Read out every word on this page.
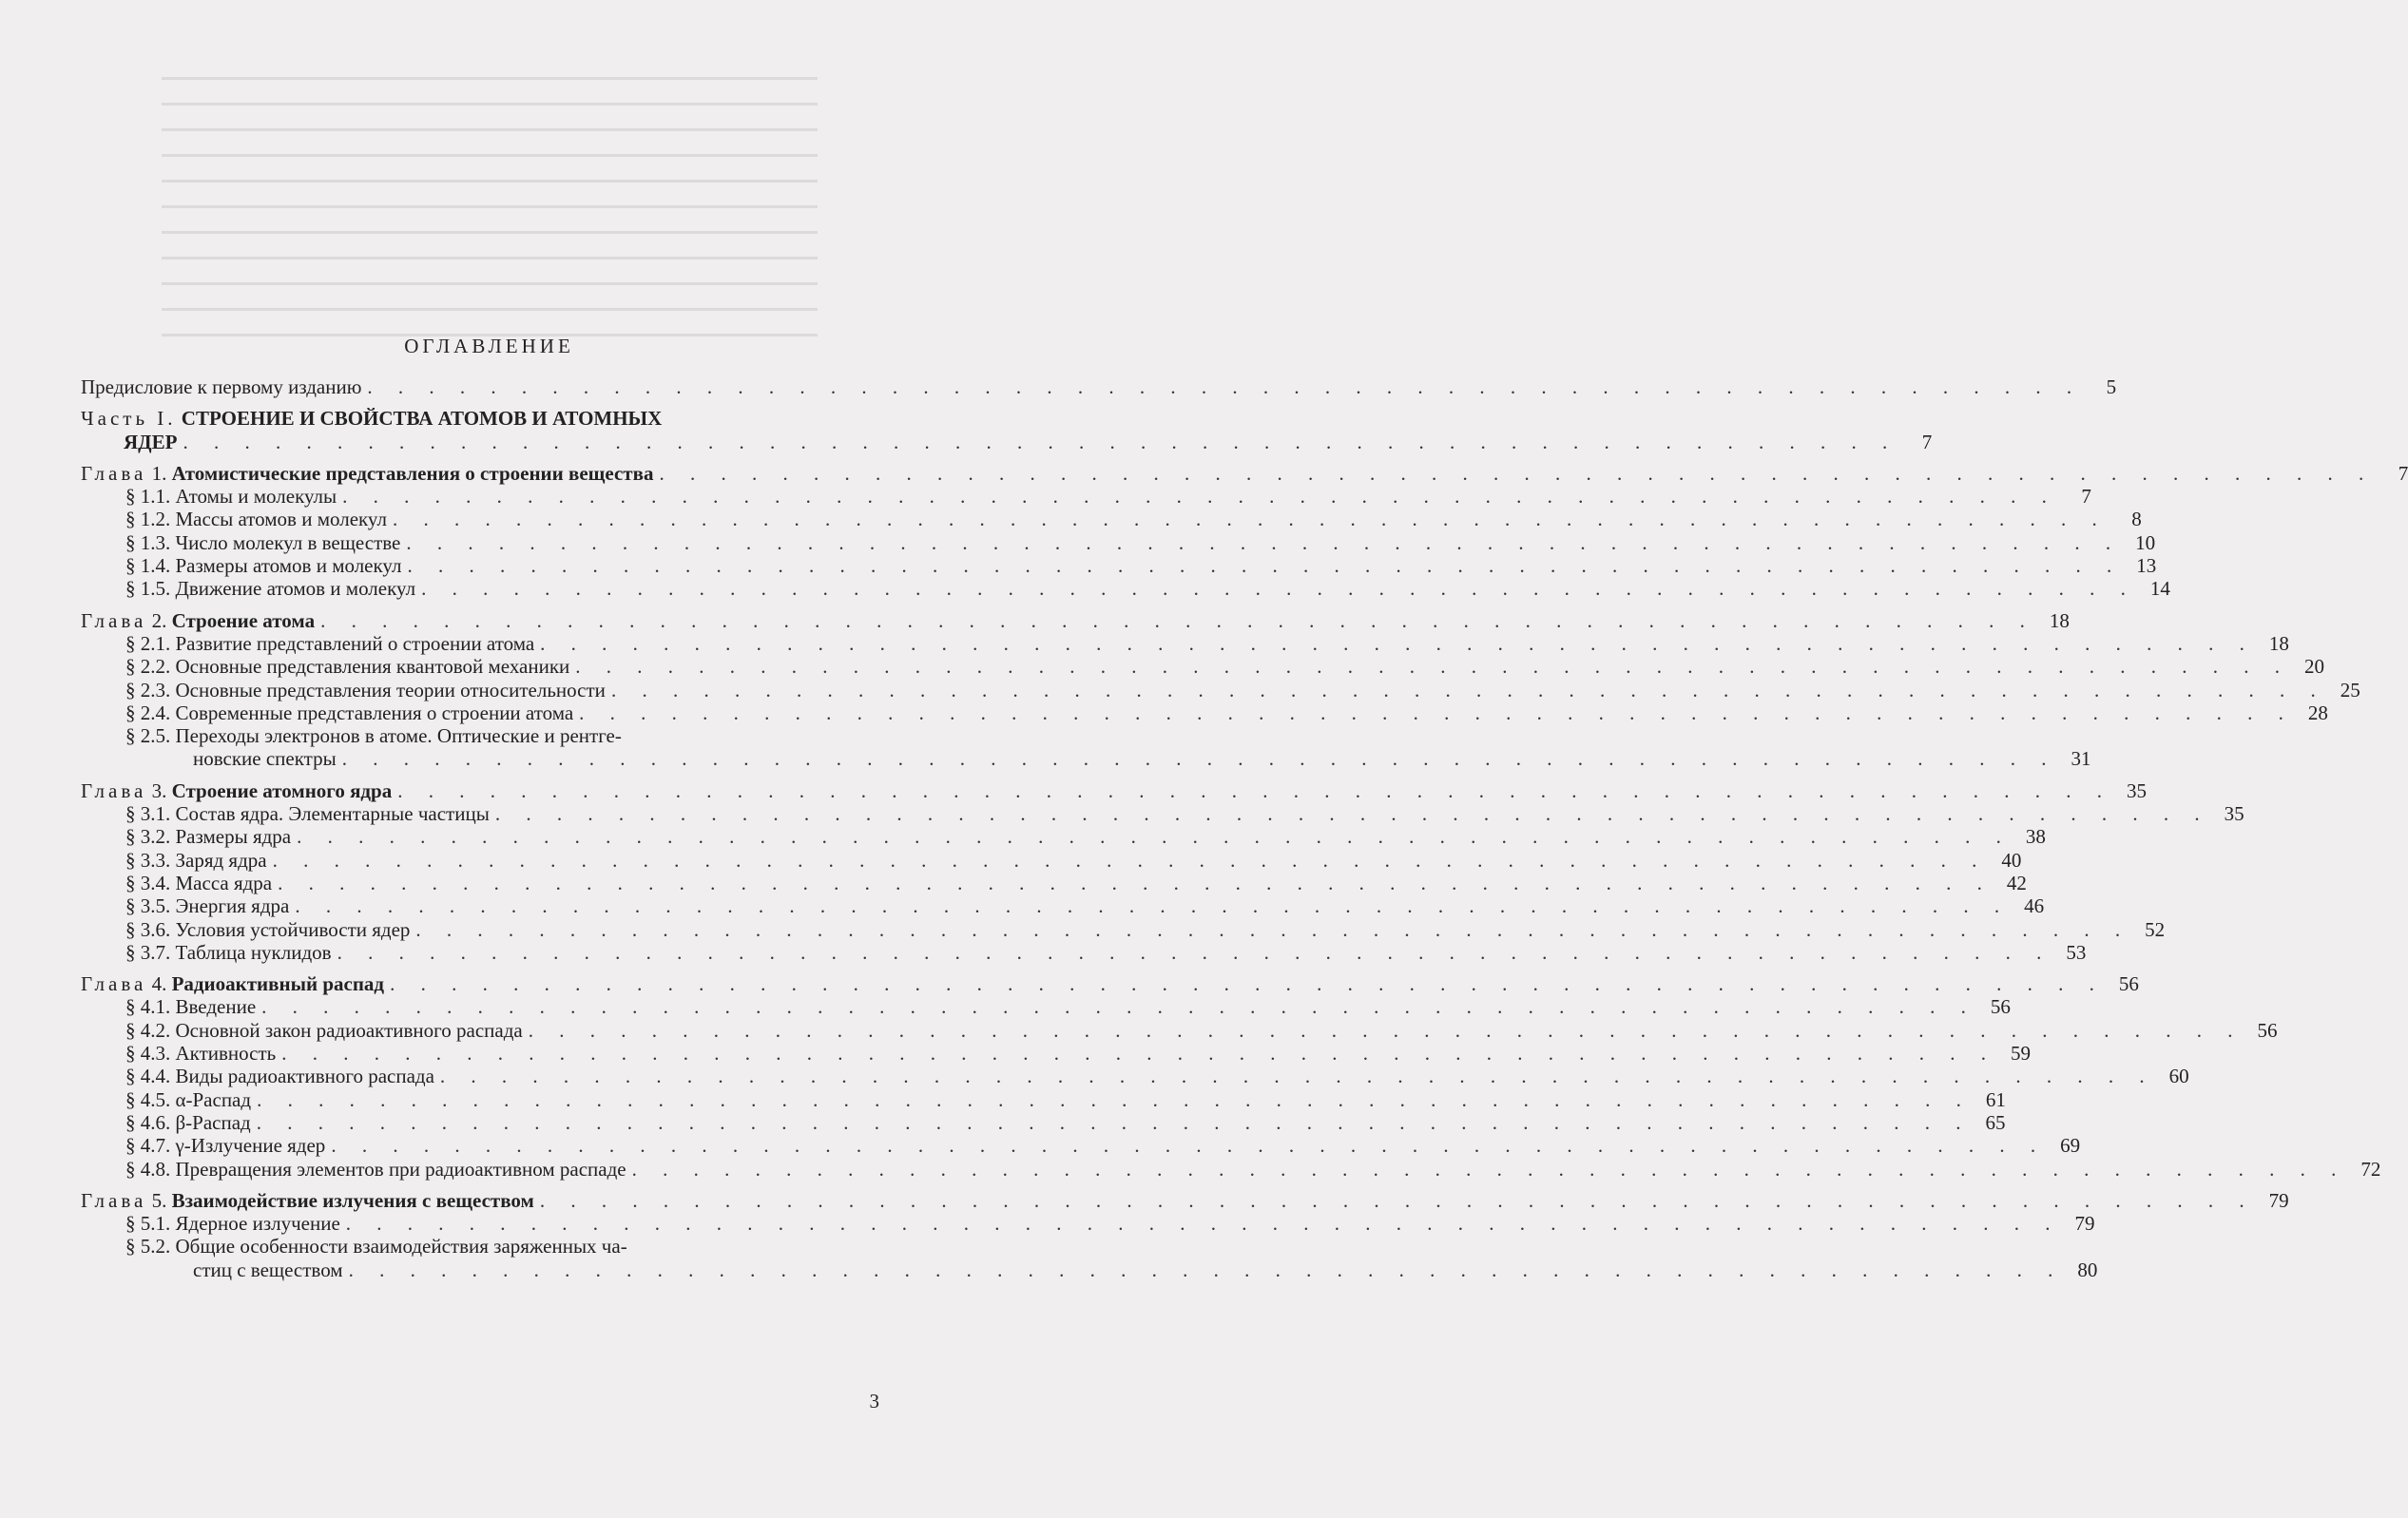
ОГЛАВЛЕНИЕ
Предисловие к первому изданию . . . . . . . . . . . . . . . . . . . . . . . . . . . . . . . . . . . . . . . . . . . . . . . . . . . . . . . .	5
Часть I. СТРОЕНИЕ И СВОЙСТВА АТОМОВ И АТОМНЫХ
ЯДЕР . . . . . . . . . . . . . . . . . . . . . . . . . . . . . . . . . . . . . . . . . . . . . . . . . . . . . . . .	7
Глава 1. Атомистические представления о строении вещества . . . . . . . . . . . . . . . . . . . . . . . . . . . . . . . . . . . . . . . . . . . . . . . . . . . . . . . .	7
§ 1.1. Атомы и молекулы . . . . . . . . . . . . . . . . . . . . . . . . . . . . . . . . . . . . . . . . . . . . . . . . . . . . . . . .	7
§ 1.2. Массы атомов и молекул . . . . . . . . . . . . . . . . . . . . . . . . . . . . . . . . . . . . . . . . . . . . . . . . . . . . . . . .	8
§ 1.3. Число молекул в веществе . . . . . . . . . . . . . . . . . . . . . . . . . . . . . . . . . . . . . . . . . . . . . . . . . . . . . . . . 10
§ 1.4. Размеры атомов и молекул . . . . . . . . . . . . . . . . . . . . . . . . . . . . . . . . . . . . . . . . . . . . . . . . . . . . . . . . 13
§ 1.5. Движение атомов и молекул . . . . . . . . . . . . . . . . . . . . . . . . . . . . . . . . . . . . . . . . . . . . . . . . . . . . . . . . 14
Глава 2. Строение атома . . . . . . . . . . . . . . . . . . . . . . . . . . . . . . . . . . . . . . . . . . . . . . . . . . . . . . . . 18
§ 2.1. Развитие представлений о строении атома . . . . . . . . . . . . . . . . . . . . . . . . . . . . . . . . . . . . . . . . . . . . . . . . . . . . . . . . 18
§ 2.2. Основные представления квантовой механики . . . . . . . . . . . . . . . . . . . . . . . . . . . . . . . . . . . . . . . . . . . . . . . . . . . . . . . . 20
§ 2.3. Основные представления теории относительности . . . . . . . . . . . . . . . . . . . . . . . . . . . . . . . . . . . . . . . . . . . . . . . . . . . . . . . . 25
§ 2.4. Современные представления о строении атома . . . . . . . . . . . . . . . . . . . . . . . . . . . . . . . . . . . . . . . . . . . . . . . . . . . . . . . . 28
§ 2.5. Переходы электронов в атоме. Оптические и рентге-
новские спектры . . . . . . . . . . . . . . . . . . . . . . . . . . . . . . . . . . . . . . . . . . . . . . . . . . . . . . . . 31
Глава 3. Строение атомного ядра . . . . . . . . . . . . . . . . . . . . . . . . . . . . . . . . . . . . . . . . . . . . . . . . . . . . . . . . 35
§ 3.1. Состав ядра. Элементарные частицы . . . . . . . . . . . . . . . . . . . . . . . . . . . . . . . . . . . . . . . . . . . . . . . . . . . . . . . . 35
§ 3.2. Размеры ядра . . . . . . . . . . . . . . . . . . . . . . . . . . . . . . . . . . . . . . . . . . . . . . . . . . . . . . . . 38
§ 3.3. Заряд ядра . . . . . . . . . . . . . . . . . . . . . . . . . . . . . . . . . . . . . . . . . . . . . . . . . . . . . . . . 40
§ 3.4. Масса ядра . . . . . . . . . . . . . . . . . . . . . . . . . . . . . . . . . . . . . . . . . . . . . . . . . . . . . . . . 42
§ 3.5. Энергия ядра . . . . . . . . . . . . . . . . . . . . . . . . . . . . . . . . . . . . . . . . . . . . . . . . . . . . . . . . 46
§ 3.6. Условия устойчивости ядер . . . . . . . . . . . . . . . . . . . . . . . . . . . . . . . . . . . . . . . . . . . . . . . . . . . . . . . . 52
§ 3.7. Таблица нуклидов . . . . . . . . . . . . . . . . . . . . . . . . . . . . . . . . . . . . . . . . . . . . . . . . . . . . . . . . 53
Глава 4. Радиоактивный распад . . . . . . . . . . . . . . . . . . . . . . . . . . . . . . . . . . . . . . . . . . . . . . . . . . . . . . . . 56
§ 4.1. Введение . . . . . . . . . . . . . . . . . . . . . . . . . . . . . . . . . . . . . . . . . . . . . . . . . . . . . . . . 56
§ 4.2. Основной закон радиоактивного распада . . . . . . . . . . . . . . . . . . . . . . . . . . . . . . . . . . . . . . . . . . . . . . . . . . . . . . . . 56
§ 4.3. Активность . . . . . . . . . . . . . . . . . . . . . . . . . . . . . . . . . . . . . . . . . . . . . . . . . . . . . . . . 59
§ 4.4. Виды радиоактивного распада . . . . . . . . . . . . . . . . . . . . . . . . . . . . . . . . . . . . . . . . . . . . . . . . . . . . . . . . 60
§ 4.5. α-Распад . . . . . . . . . . . . . . . . . . . . . . . . . . . . . . . . . . . . . . . . . . . . . . . . . . . . . . . . 61
§ 4.6. β-Распад . . . . . . . . . . . . . . . . . . . . . . . . . . . . . . . . . . . . . . . . . . . . . . . . . . . . . . . . 65
§ 4.7. γ-Излучение ядер . . . . . . . . . . . . . . . . . . . . . . . . . . . . . . . . . . . . . . . . . . . . . . . . . . . . . . . . 69
§ 4.8. Превращения элементов при радиоактивном распаде . . . . . . . . . . . . . . . . . . . . . . . . . . . . . . . . . . . . . . . . . . . . . . . . . . . . . . . . 72
Глава 5. Взаимодействие излучения с веществом . . . . . . . . . . . . . . . . . . . . . . . . . . . . . . . . . . . . . . . . . . . . . . . . . . . . . . . . 79
§ 5.1. Ядерное излучение . . . . . . . . . . . . . . . . . . . . . . . . . . . . . . . . . . . . . . . . . . . . . . . . . . . . . . . . 79
§ 5.2. Общие особенности взаимодействия заряженных ча-
стиц с веществом . . . . . . . . . . . . . . . . . . . . . . . . . . . . . . . . . . . . . . . . . . . . . . . . . . . . . . . . 80
3
